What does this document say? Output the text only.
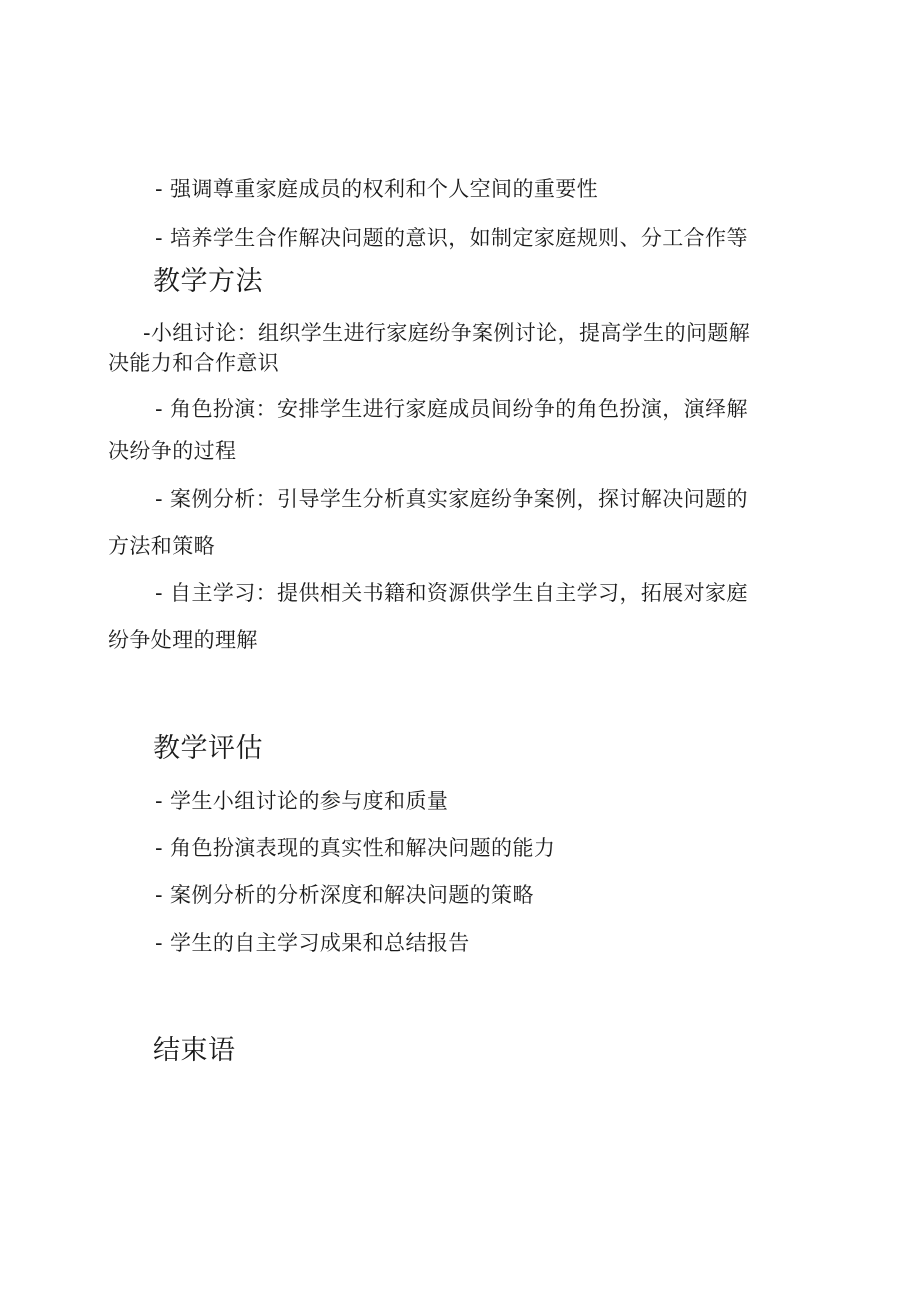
- 强调尊重家庭成员的权利和个人空间的重要性
- 培养学生合作解决问题的意识，如制定家庭规则、分工合作等
教学方法
-小组讨论：组织学生进行家庭纷争案例讨论，提高学生的问题解
决能力和合作意识
- 角色扮演：安排学生进行家庭成员间纷争的角色扮演，演绎解
决纷争的过程
- 案例分析：引导学生分析真实家庭纷争案例，探讨解决问题的
方法和策略
- 自主学习：提供相关书籍和资源供学生自主学习，拓展对家庭
纷争处理的理解
教学评估
- 学生小组讨论的参与度和质量
- 角色扮演表现的真实性和解决问题的能力
- 案例分析的分析深度和解决问题的策略
- 学生的自主学习成果和总结报告
结束语
